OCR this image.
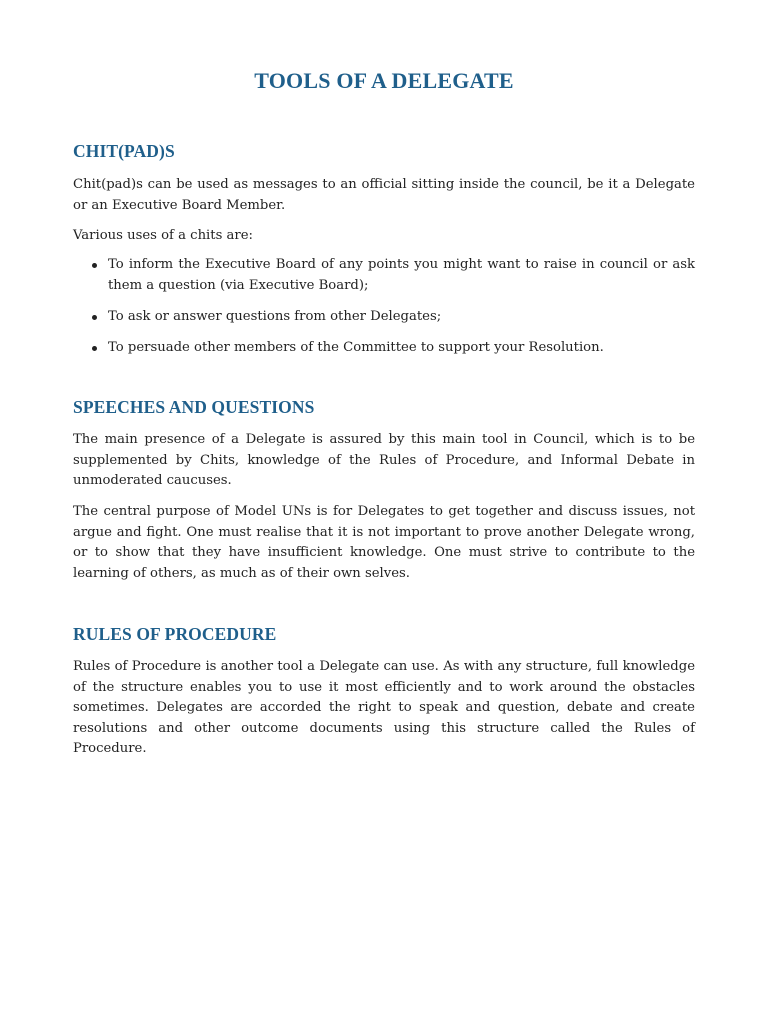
TOOLS OF A DELEGATE
CHIT(PAD)S

Chit(pad)s can be used as messages to an official sitting inside the council, be it a Delegate or an Executive Board Member.

Various uses of a chits are:

To inform the Executive Board of any points you might want to raise in council or ask them a question (via Executive Board);
To ask or answer questions from other Delegates;
To persuade other members of the Committee to support your Resolution.
SPEECHES AND QUESTIONS

The main presence of a Delegate is assured by this main tool in Council, which is to be supplemented by Chits, knowledge of the Rules of Procedure, and Informal Debate in unmoderated caucuses.

The central purpose of Model UNs is for Delegates to get together and discuss issues, not argue and fight. One must realise that it is not important to prove another Delegate wrong, or to show that they have insufficient knowledge. One must strive to contribute to the learning of others, as much as of their own selves.

RULES OF PROCEDURE

Rules of Procedure is another tool a Delegate can use. As with any structure, full knowledge of the structure enables you to use it most efficiently and to work around the obstacles sometimes. Delegates are accorded the right to speak and question, debate and create resolutions and other outcome documents using this structure called the Rules of Procedure.
